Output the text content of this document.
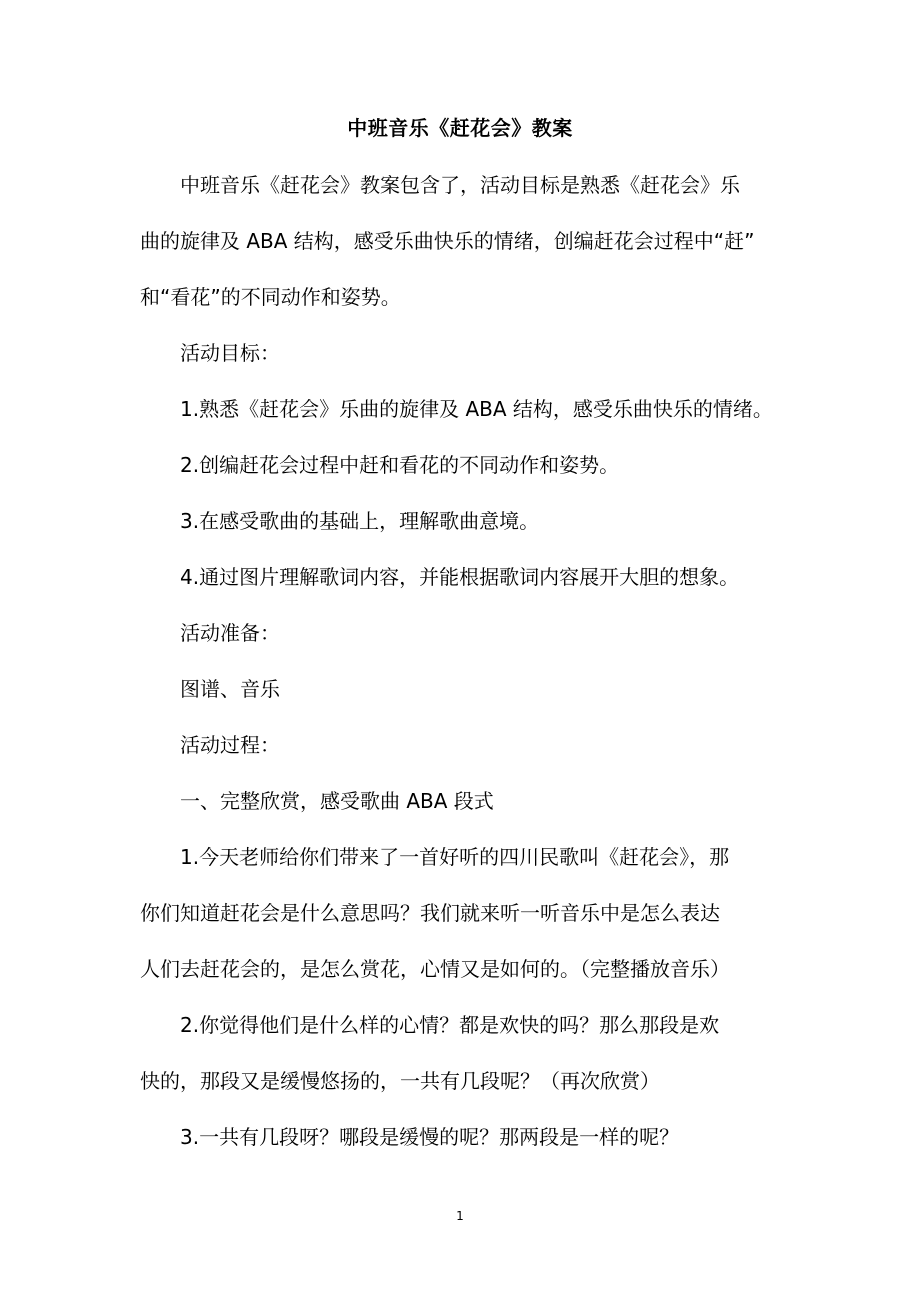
中班音乐《赶花会》教案
　　中班音乐《赶花会》教案包含了，活动目标是熟悉《赶花会》乐
曲的旋律及 ABA 结构，感受乐曲快乐的情绪，创编赶花会过程中“赶”
和“看花”的不同动作和姿势。
　　活动目标：
　　1.熟悉《赶花会》乐曲的旋律及 ABA 结构，感受乐曲快乐的情绪。
　　2.创编赶花会过程中赶和看花的不同动作和姿势。
　　3.在感受歌曲的基础上，理解歌曲意境。
　　4.通过图片理解歌词内容，并能根据歌词内容展开大胆的想象。
　　活动准备：
　　图谱、音乐
　　活动过程：
　　一、完整欣赏，感受歌曲 ABA 段式
　　1.今天老师给你们带来了一首好听的四川民歌叫《赶花会》，那
你们知道赶花会是什么意思吗？我们就来听一听音乐中是怎么表达
人们去赶花会的，是怎么赏花，心情又是如何的。（完整播放音乐）
　　2.你觉得他们是什么样的心情？都是欢快的吗？那么那段是欢
快的，那段又是缓慢悠扬的，一共有几段呢？（再次欣赏）
　　3.一共有几段呀？哪段是缓慢的呢？那两段是一样的呢？
1
